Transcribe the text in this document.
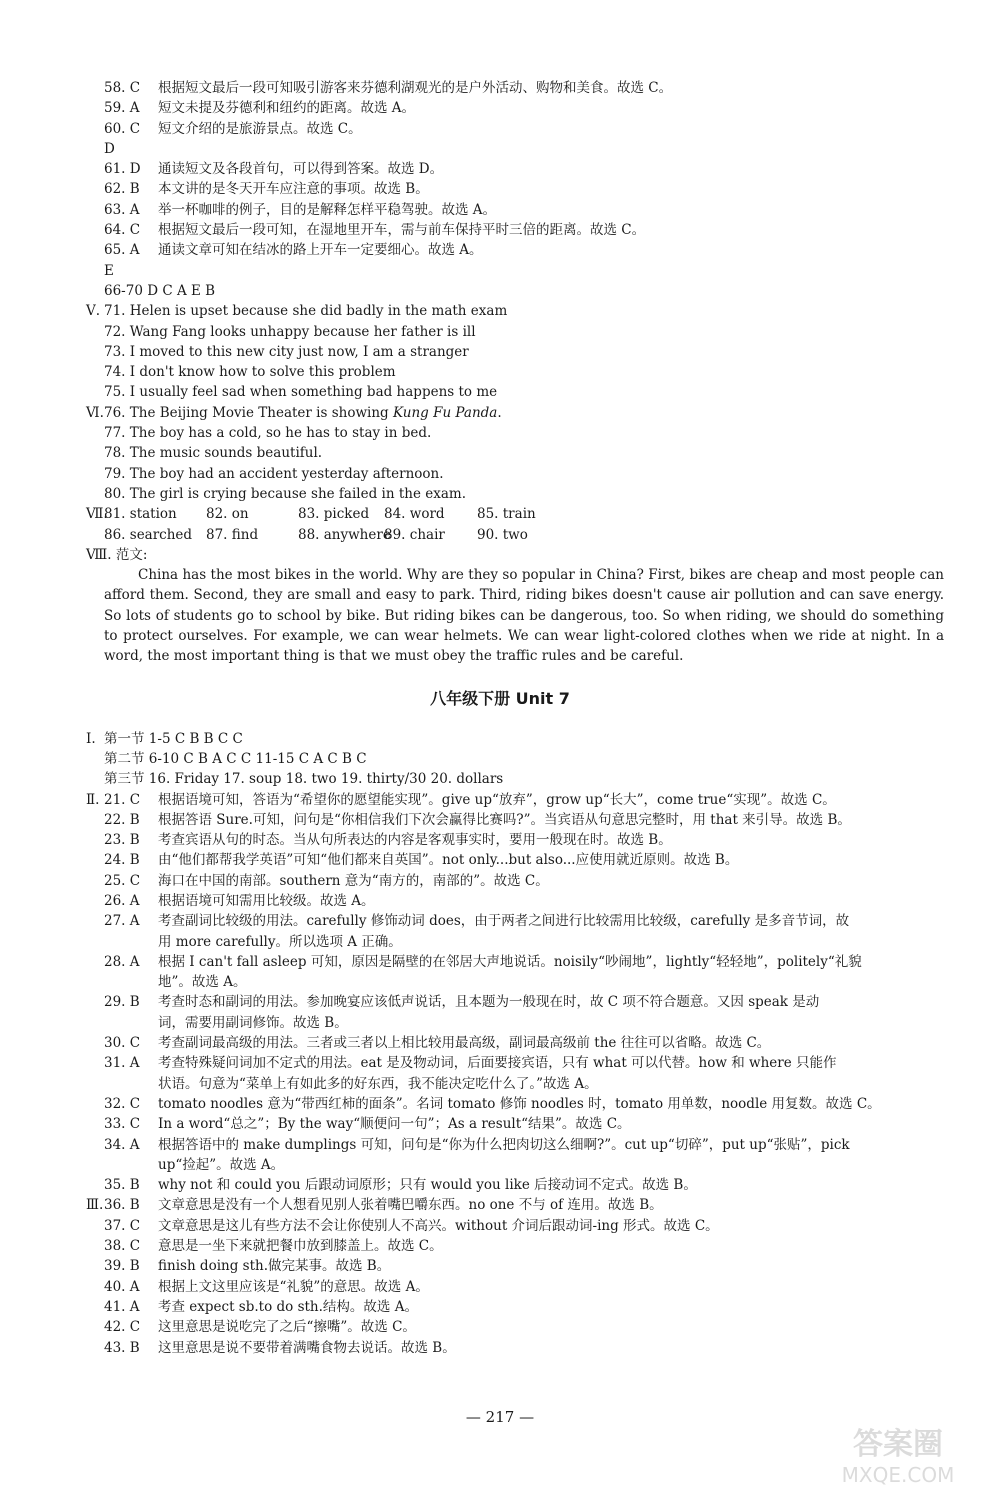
58. C 根据短文最后一段可知吸引游客来芬德利湖观光的是户外活动、购物和美食。故选 C。
59. A 短文未提及芬德利和纽约的距离。故选 A。
60. C 短文介绍的是旅游景点。故选 C。
D
61. D 通读短文及各段首句，可以得到答案。故选 D。
62. B 本文讲的是冬天开车应注意的事项。故选 B。
63. A 举一杯咖啡的例子，目的是解释怎样平稳驾驶。故选 A。
64. C 根据短文最后一段可知，在湿地里开车，需与前车保持平时三倍的距离。故选 C。
65. A 通读文章可知在结冰的路上开车一定要细心。故选 A。
E
66-70 D C A E B
Ⅴ. 71. Helen is upset because she did badly in the math exam
72. Wang Fang looks unhappy because her father is ill
73. I moved to this new city just now, I am a stranger
74. I don't know how to solve this problem
75. I usually feel sad when something bad happens to me
Ⅵ. 76. The Beijing Movie Theater is showing Kung Fu Panda.
77. The boy has a cold, so he has to stay in bed.
78. The music sounds beautiful.
79. The boy had an accident yesterday afternoon.
80. The girl is crying because she failed in the exam.
Ⅶ.
81. station 82. on	83. picked 84. word 85. train
86. searched 87. find	88. anywhere
89. chair 90. two
Ⅷ. 范文:

China has the most bikes in the world. Why are they so popular in China? First, bikes are cheap and most people can afford them. Second, they are small and easy to park. Third, riding bikes doesn't cause air pollution and can save energy. So lots of students go to school by bike. But riding bikes can be dangerous, too. So when riding, we should do something to protect ourselves. For example, we can wear helmets. We can wear light-colored clothes when we ride at night. In a word, the most important thing is that we must obey the traffic rules and be careful.

八年级下册 Unit 7
Ⅰ. 第一节 1-5 C B B C C
第二节 6-10 C B A C C 11-15 C A C B C
第三节 16. Friday 17. soup 18. two 19. thirty/30 20. dollars
Ⅱ. 21. C 根据语境可知，答语为“希望你的愿望能实现”。give up“放弃”，grow up“长大”，come true“实现”。故选 C。
22. B 根据答语 Sure.可知，问句是“你相信我们下次会赢得比赛吗?”。当宾语从句意思完整时，用 that 来引导。故选 B。
23. B 考查宾语从句的时态。当从句所表达的内容是客观事实时，要用一般现在时。故选 B。
24. B 由“他们都帮我学英语”可知“他们都来自英国”。not only...but also...应使用就近原则。故选 B。
25. C 海口在中国的南部。southern 意为“南方的，南部的”。故选 C。
26. A 根据语境可知需用比较级。故选 A。
27. A 考查副词比较级的用法。carefully 修饰动词 does，由于两者之间进行比较需用比较级，carefully 是多音节词，故
用 more carefully。所以选项 A 正确。
28. A 根据 I can't fall asleep 可知，原因是隔壁的在邻居大声地说话。noisily“吵闹地”，lightly“轻轻地”，politely“礼貌
地”。故选 A。
29. B 考查时态和副词的用法。参加晚宴应该低声说话，且本题为一般现在时，故 C 项不符合题意。又因 speak 是动
词，需要用副词修饰。故选 B。
30. C 考查副词最高级的用法。三者或三者以上相比较用最高级，副词最高级前 the 往往可以省略。故选 C。
31. A 考查特殊疑问词加不定式的用法。eat 是及物动词，后面要接宾语，只有 what 可以代替。how 和 where 只能作
状语。句意为“菜单上有如此多的好东西，我不能决定吃什么了。”故选 A。
32. C tomato noodles 意为“带西红柿的面条”。名词 tomato 修饰 noodles 时，tomato 用单数，noodle 用复数。故选 C。
33. C In a word“总之”；By the way“顺便问一句”；As a result“结果”。故选 C。
34. A 根据答语中的 make dumplings 可知，问句是“你为什么把肉切这么细啊?”。cut up“切碎”，put up“张贴”，pick
up“捡起”。故选 A。
35. B why not 和 could you 后跟动词原形；只有 would you like 后接动词不定式。故选 B。
Ⅲ. 36. B 文章意思是没有一个人想看见别人张着嘴巴嚼东西。no one 不与 of 连用。故选 B。
37. C 文章意思是这儿有些方法不会让你使别人不高兴。without 介词后跟动词-ing 形式。故选 C。
38. C 意思是一坐下来就把餐巾放到膝盖上。故选 C。
39. B finish doing sth.做完某事。故选 B。
40. A 根据上文这里应该是“礼貌”的意思。故选 A。
41. A 考查 expect sb.to do sth.结构。故选 A。
42. C 这里意思是说吃完了之后“擦嘴”。故选 C。
43. B 这里意思是说不要带着满嘴食物去说话。故选 B。
— 217 —
答案圈
MXQE.COM
